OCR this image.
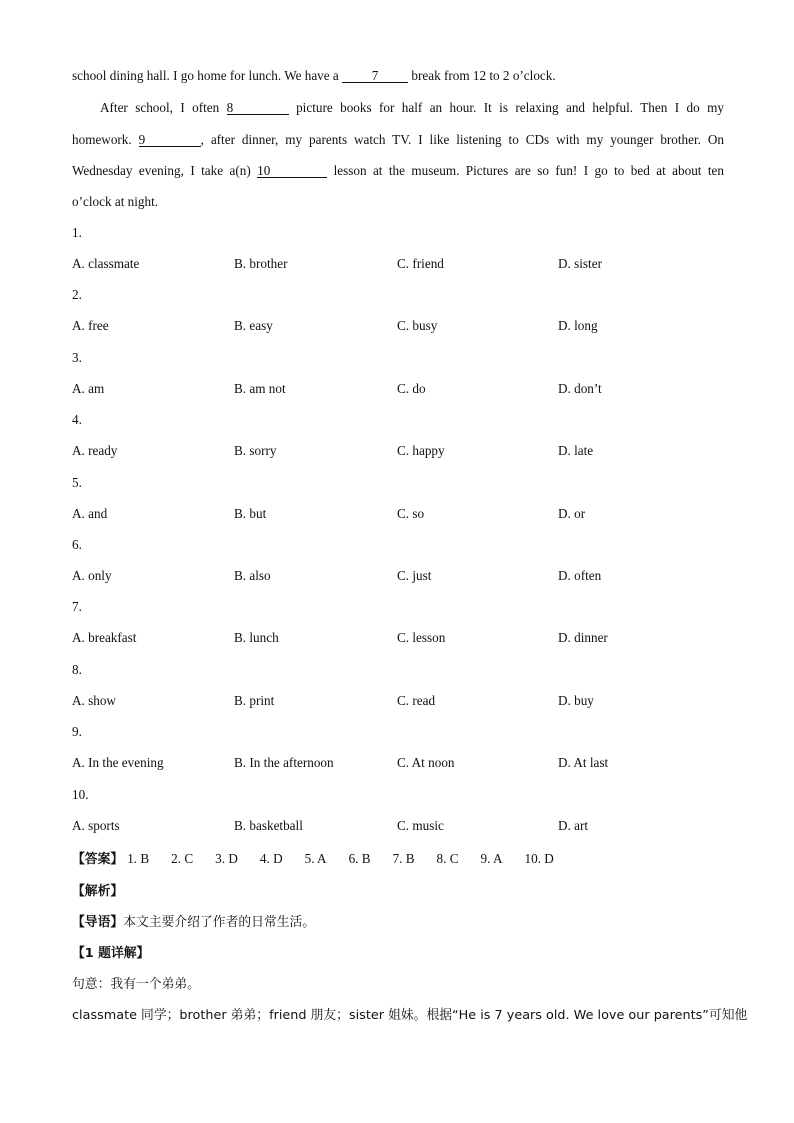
school dining hall. I go home for lunch. We have a 7 break from 12 to 2 o’clock.
After school, I often 8	picture books for half an hour. It is relaxing and helpful. Then I do my
homework. 9	, after dinner, my parents watch TV. I like listening to CDs with my younger brother. On
Wednesday evening, I take a(n) 10	lesson at the museum. Pictures are so fun! I go to bed at about ten
o’clock at night.
1.
A. classmate	B. brother	C. friend	D. sister
2.
A. free	B. easy	C. busy	D. long
3.
A. am	B. am not	C. do	D. don’t
4.
A. ready	B. sorry	C. happy	D. late
5.
A. and	B. but	C. so	D. or
6.
A. only	B. also	C. just	D. often
7.
A. breakfast	B. lunch	C. lesson	D. dinner
8.
A. show	B. print	C. read	D. buy
9.
A. In the evening	B. In the afternoon	C. At noon	D. At last
10.
A. sports	B. basketball	C. music	D. art
【答案】 1. B 2. C 3. D 4. D 5. A 6. B 7. B 8. C 9. A 10. D
【解析】
【导语】本文主要介绍了作者的日常生活。
【1 题详解】
句意：我有一个弟弟。
classmate 同学；brother 弟弟；friend 朋友；sister 姐妹。根据“He is 7 years old. We love our parents”可知他
